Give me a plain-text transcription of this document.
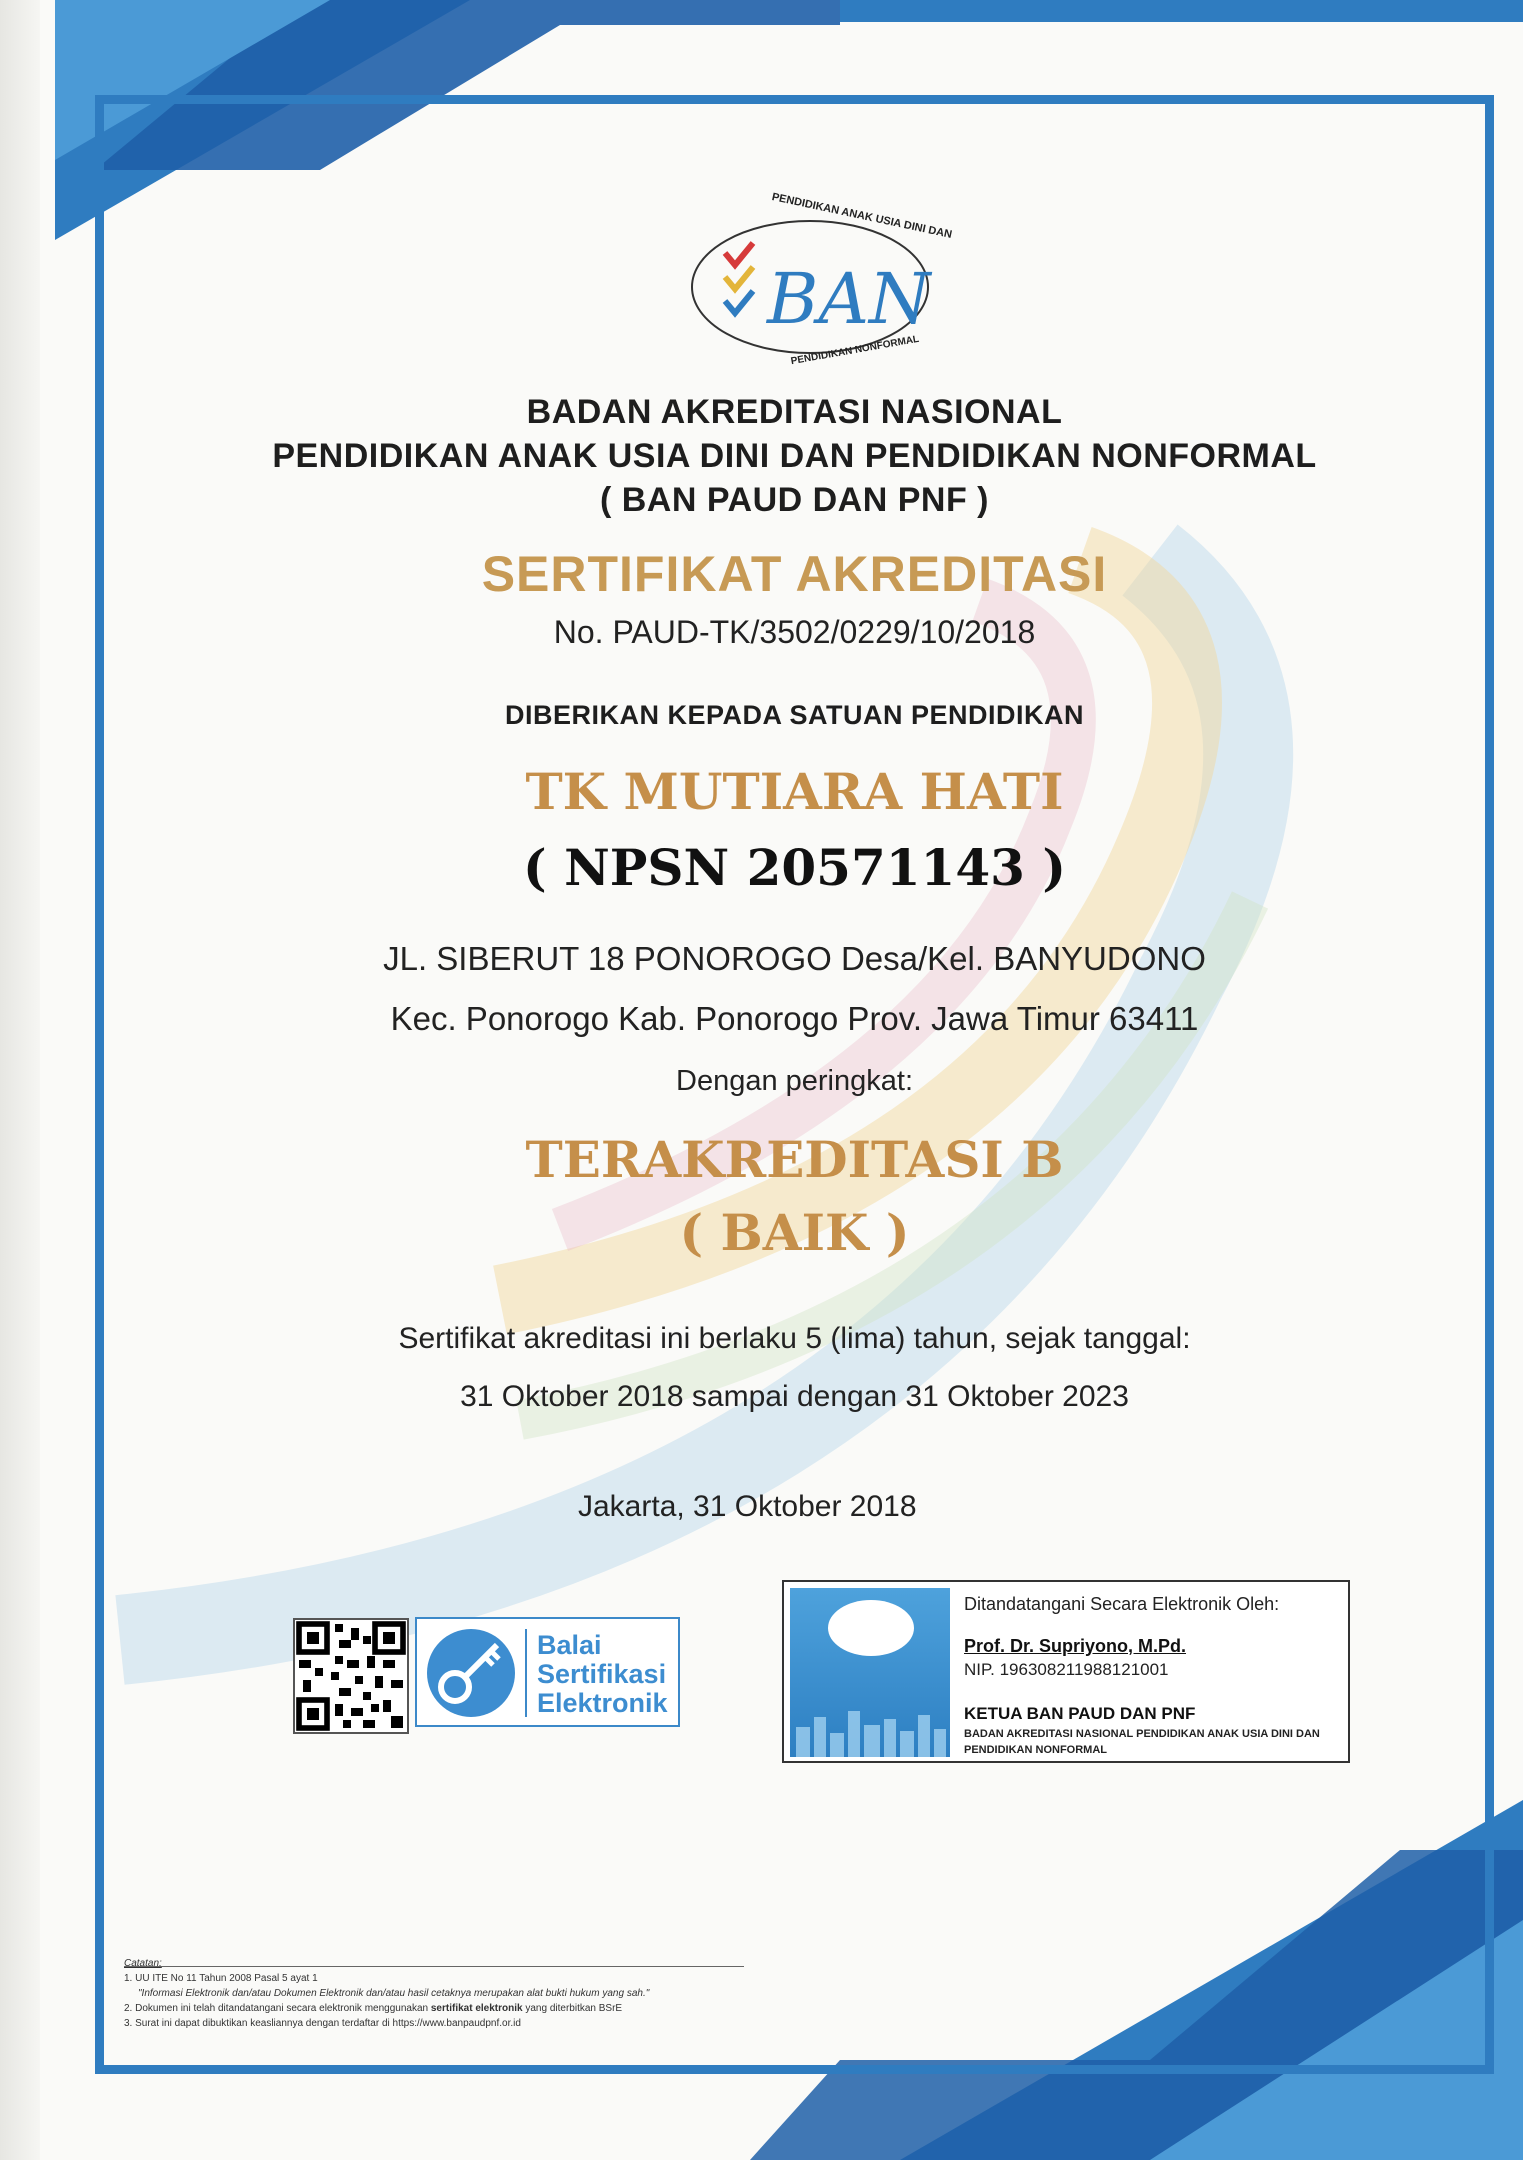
BAN
PENDIDIKAN ANAK USIA DINI DAN
PENDIDIKAN NONFORMAL
BADAN AKREDITASI NASIONAL
PENDIDIKAN ANAK USIA DINI DAN PENDIDIKAN NONFORMAL
( BAN PAUD DAN PNF )
SERTIFIKAT AKREDITASI
No. PAUD-TK/3502/0229/10/2018
DIBERIKAN KEPADA SATUAN PENDIDIKAN
TK MUTIARA HATI
( NPSN 20571143 )
JL. SIBERUT 18 PONOROGO Desa/Kel. BANYUDONO
Kec. Ponorogo Kab. Ponorogo Prov. Jawa Timur 63411
Dengan peringkat:
TERAKREDITASI B
( BAIK )
Sertifikat akreditasi ini berlaku 5 (lima) tahun, sejak tanggal:
31 Oktober 2018 sampai dengan 31 Oktober 2023
Jakarta, 31 Oktober 2018
Balai
Sertifikasi
Elektronik
Ditandatangani Secara Elektronik Oleh:
Prof. Dr. Supriyono, M.Pd.
NIP. 196308211988121001
KETUA BAN PAUD DAN PNF
BADAN AKREDITASI NASIONAL PENDIDIKAN ANAK USIA DINI DAN PENDIDIKAN NONFORMAL
Catatan:
1. UU ITE No 11 Tahun 2008 Pasal 5 ayat 1
"Informasi Elektronik dan/atau Dokumen Elektronik dan/atau hasil cetaknya merupakan alat bukti hukum yang sah."
2. Dokumen ini telah ditandatangani secara elektronik menggunakan sertifikat elektronik yang diterbitkan BSrE
3. Surat ini dapat dibuktikan keasliannya dengan terdaftar di https://www.banpaudpnf.or.id
